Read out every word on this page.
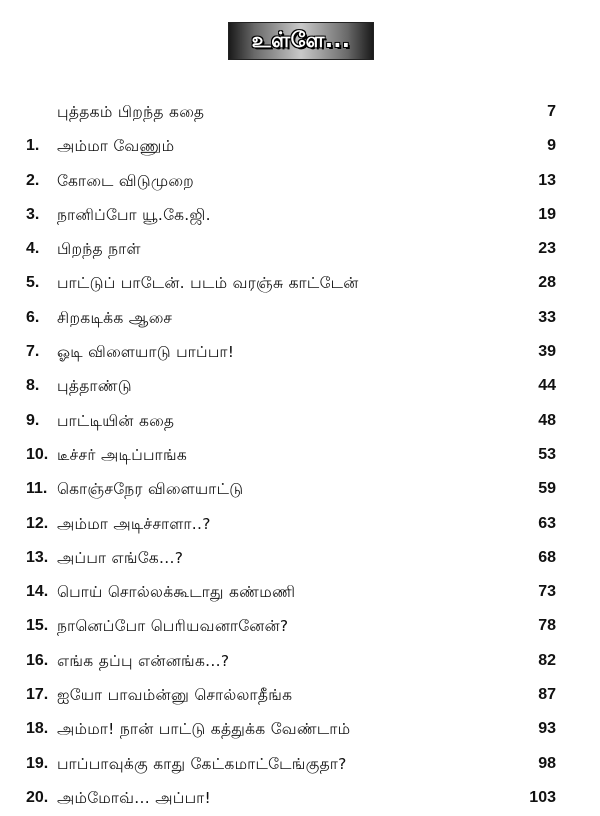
உள்ளே...
புத்தகம் பிறந்த கதை	7
1. அம்மா வேணும்	9
2. கோடை விடுமுறை	13
3. நானிப்போ யூ.கே.ஜி.	19
4. பிறந்த நாள்	23
5. பாட்டுப் பாடேன். படம் வரஞ்சு காட்டேன்	28
6. சிறகடிக்க ஆசை	33
7. ஓடி விளையாடு பாப்பா!	39
8. புத்தாண்டு	44
9. பாட்டியின் கதை	48
10. டீச்சர் அடிப்பாங்க	53
11. கொஞ்சநேர விளையாட்டு	59
12. அம்மா அடிச்சாளா..?	63
13. அப்பா எங்கே...?	68
14. பொய் சொல்லக்கூடாது கண்மணி	73
15. நானெப்போ பெரியவனானேன்?	78
16. எங்க தப்பு என்னங்க...?	82
17. ஐயோ பாவம்ன்னு சொல்லாதீங்க	87
18. அம்மா! நான் பாட்டு கத்துக்க வேண்டாம்	93
19. பாப்பாவுக்கு காது கேட்கமாட்டேங்குதா?	98
20. அம்மோவ்... அப்பா!	103
